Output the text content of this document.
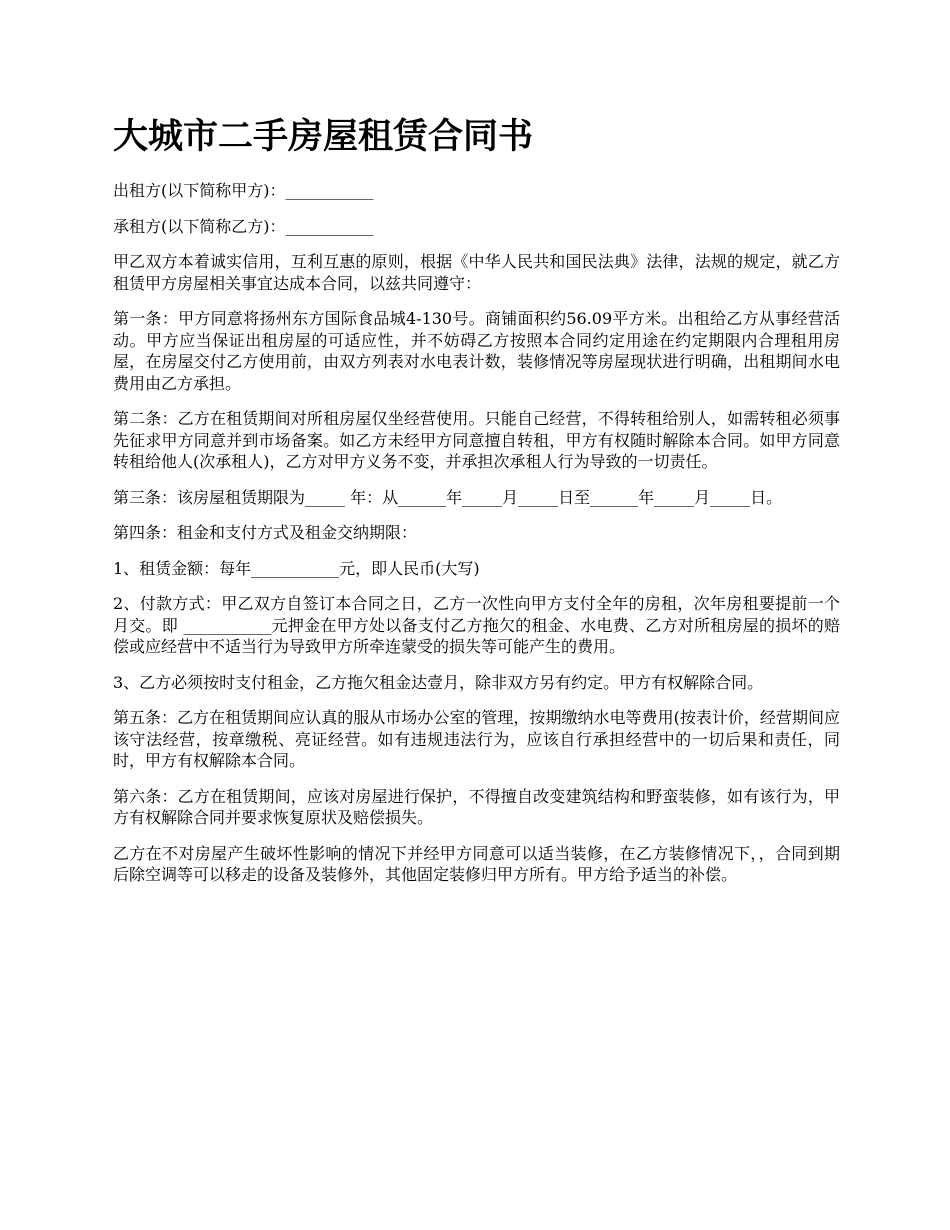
大城市二手房屋租赁合同书

出租方(以下简称甲方)：___________

承租方(以下简称乙方)：___________

甲乙双方本着诚实信用，互利互惠的原则，根据《中华人民共和国民法典》法律，法规的规定，就乙方租赁甲方房屋相关事宜达成本合同，以兹共同遵守：

第一条：甲方同意将扬州东方国际食品城4-130号。商铺面积约56.09平方米。出租给乙方从事经营活动。甲方应当保证出租房屋的可适应性，并不妨碍乙方按照本合同约定用途在约定期限内合理租用房屋，在房屋交付乙方使用前，由双方列表对水电表计数，装修情况等房屋现状进行明确，出租期间水电费用由乙方承担。

第二条：乙方在租赁期间对所租房屋仅坐经营使用。只能自己经营，不得转租给别人，如需转租必须事先征求甲方同意并到市场备案。如乙方未经甲方同意擅自转租，甲方有权随时解除本合同。如甲方同意转租给他人(次承租人)，乙方对甲方义务不变，并承担次承租人行为导致的一切责任。

第三条：该房屋租赁期限为_____ 年：从______年_____月_____日至______年_____月_____日。

第四条：租金和支付方式及租金交纳期限：

1、租赁金额：每年___________元，即人民币(大写)

2、付款方式：甲乙双方自签订本合同之日，乙方一次性向甲方支付全年的房租，次年房租要提前一个月交。即 ___________元押金在甲方处以备支付乙方拖欠的租金、水电费、乙方对所租房屋的损坏的赔偿或应经营中不适当行为导致甲方所牵连蒙受的损失等可能产生的费用。

3、乙方必须按时支付租金，乙方拖欠租金达壹月，除非双方另有约定。甲方有权解除合同。

第五条：乙方在租赁期间应认真的服从市场办公室的管理，按期缴纳水电等费用(按表计价，经营期间应该守法经营，按章缴税、亮证经营。如有违规违法行为，应该自行承担经营中的一切后果和责任，同时，甲方有权解除本合同。

第六条：乙方在租赁期间，应该对房屋进行保护，不得擅自改变建筑结构和野蛮装修，如有该行为，甲方有权解除合同并要求恢复原状及赔偿损失。

乙方在不对房屋产生破坏性影响的情况下并经甲方同意可以适当装修，在乙方装修情况下，，合同到期后除空调等可以移走的设备及装修外，其他固定装修归甲方所有。甲方给予适当的补偿。
